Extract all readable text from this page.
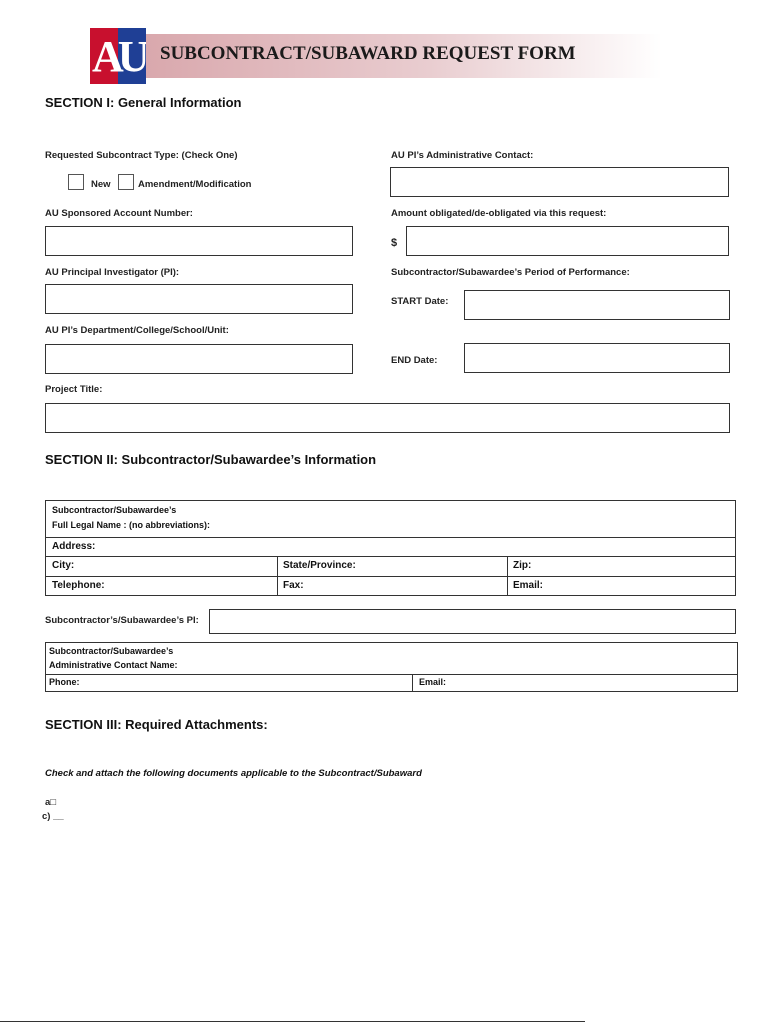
AU SUBCONTRACT/SUBAWARD REQUEST FORM
SECTION I: General Information
Requested Subcontract Type: (Check One)
New	Amendment/Modification
AU PI’s Administrative Contact:
AU Sponsored Account Number:	Amount obligated/de-obligated via this request:
$
AU Principal Investigator (PI):	Subcontractor/Subawardee’s Period of Performance:
START Date:
AU PI’s Department/College/School/Unit:
END Date:
Project Title:
SECTION II: Subcontractor/Subawardee’s Information
Subcontractor/Subawardee’s
Full Legal Name : (no abbreviations):
Address:
City:	State/Province:	Zip:
Telephone:	Fax:	Email:
Subcontractor’s/Subawardee’s PI:
Subcontractor/Subawardee’s
Administrative Contact Name:
Phone:	Email:
SECTION III: Required Attachments:
Check and attach the following documents applicable to the Subcontract/Subaward
a□
c) __
